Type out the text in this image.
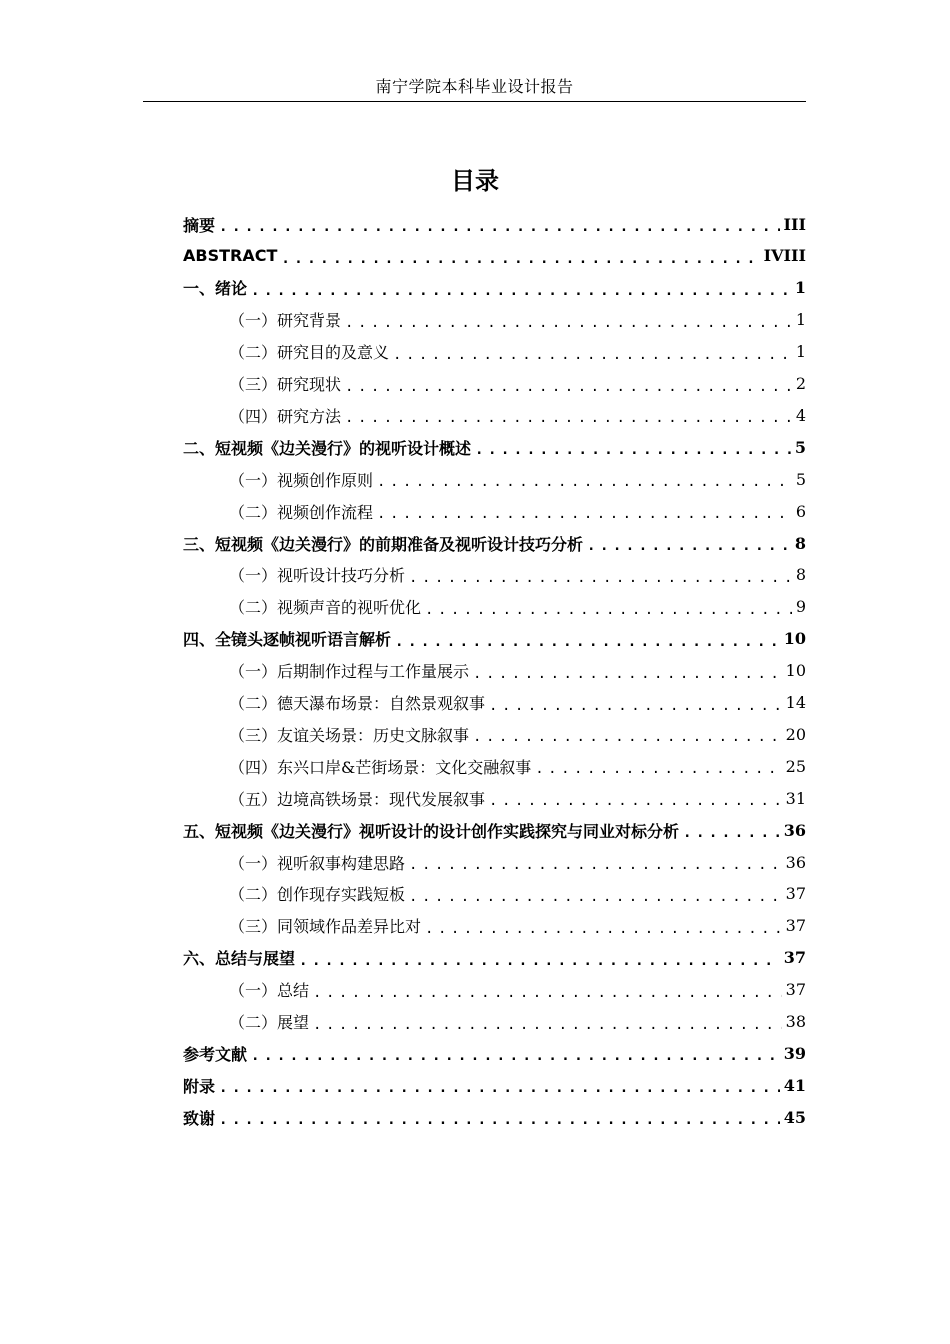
南宁学院本科毕业设计报告
目录
摘要 .....	III
ABSTRACT .....	IVIII
一、绪论 .....	1
（一）研究背景 .....	1
（二）研究目的及意义 .....	1
（三）研究现状 .....	2
（四）研究方法 .....	4
二、短视频《边关漫行》的视听设计概述 .....	5
（一）视频创作原则 .....	5
（二）视频创作流程 .....	6
三、短视频《边关漫行》的前期准备及视听设计技巧分析 .....	8
（一）视听设计技巧分析 .....	8
（二）视频声音的视听优化 .....	9
四、全镜头逐帧视听语言解析 .....	10
（一）后期制作过程与工作量展示 .....	10
（二）德天瀑布场景：自然景观叙事 .....	14
（三）友谊关场景：历史文脉叙事 .....	20
（四）东兴口岸&芒街场景：文化交融叙事 .....	25
（五）边境高铁场景：现代发展叙事 .....	31
五、短视频《边关漫行》视听设计的设计创作实践探究与同业对标分析 .....	36
（一）视听叙事构建思路 .....	36
（二）创作现存实践短板 .....	37
（三）同领域作品差异比对 .....	37
六、总结与展望 .....	37
（一）总结 .....	37
（二）展望 .....	38
参考文献 .....	39
附录 .....	41
致谢 .....	45
